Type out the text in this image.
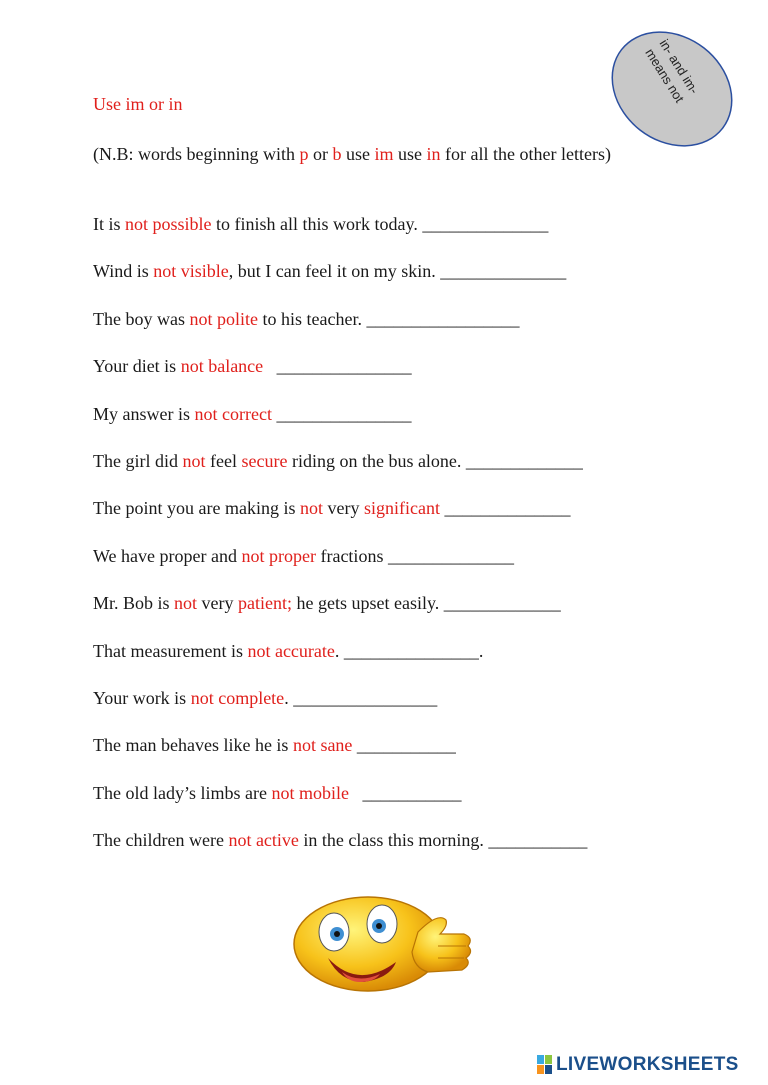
Use im or in
(N.B: words beginning with p or b use im use in for all the other letters)
in- and im- means not
It is not possible to finish all this work today. ______________
Wind is not visible, but I can feel it on my skin. ______________
The boy was not polite to his teacher. _________________
Your diet is not balance   _______________
My answer is not correct _______________
The girl did not feel secure riding on the bus alone. _____________
The point you are making is not very significant ______________
We have proper and not proper fractions ______________
Mr. Bob is not very patient; he gets upset easily. _____________
That measurement is not accurate. _______________.
Your work is not complete. ________________
The man behaves like he is not sane ___________
The old lady’s limbs are not mobile   ___________
The children were not active in the class this morning. ___________
LIVEWORKSHEETS
